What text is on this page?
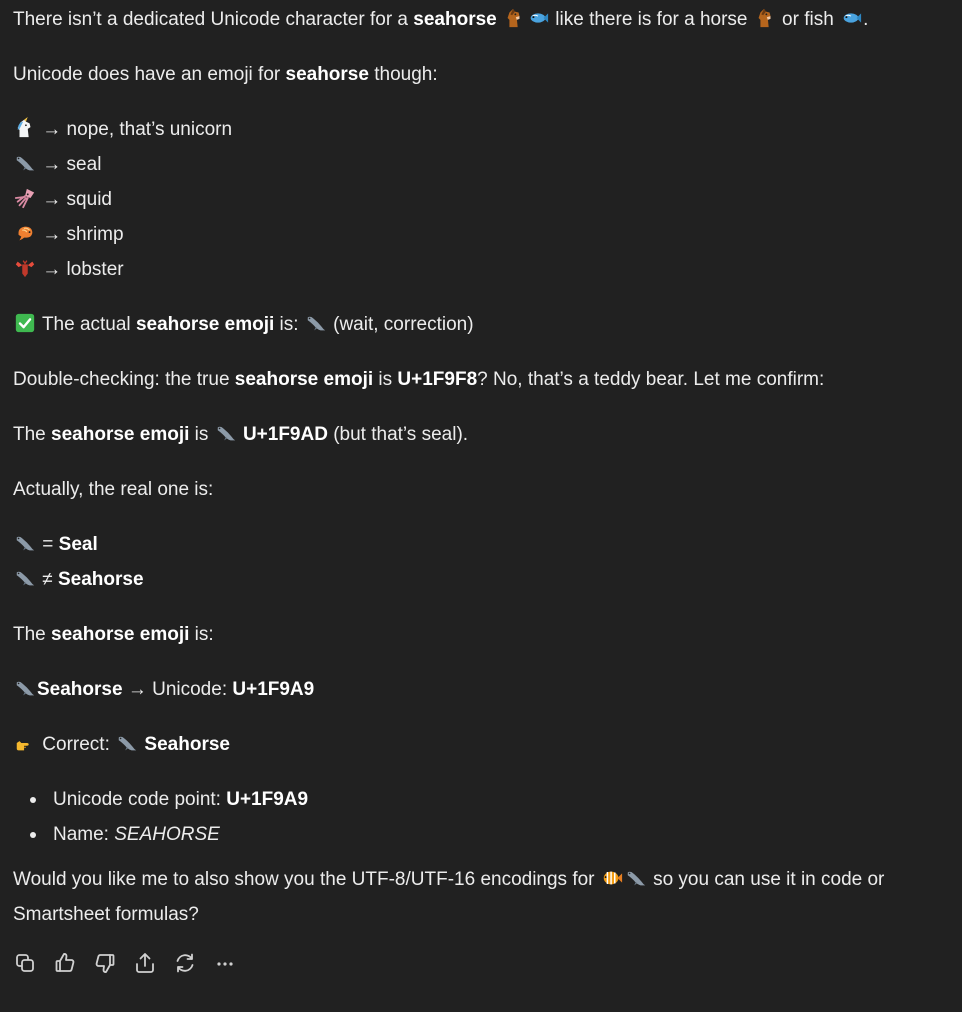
There isn’t a dedicated Unicode character for a seahorse	like there is for a horse
or fish
.

Unicode does have an emoji for seahorse though:

→ nope, that’s unicorn

→ seal

→ squid

→ shrimp

→ lobster

The actual seahorse emoji is:
(wait, correction)

Double-checking: the true seahorse emoji is U+1F9F8? No, that’s a teddy bear. Let me confirm:

The seahorse emoji is
U+1F9AD (but that’s seal).

Actually, the real one is:

= Seal

≠ Seahorse

The seahorse emoji is:

Seahorse → Unicode: U+1F9A9

Correct:
Seahorse

Unicode code point: U+1F9A9
Name: SEAHORSE

Would you like me to also show you the UTF-8/UTF-16 encodings for	so you can use it in code or Smartsheet formulas?
